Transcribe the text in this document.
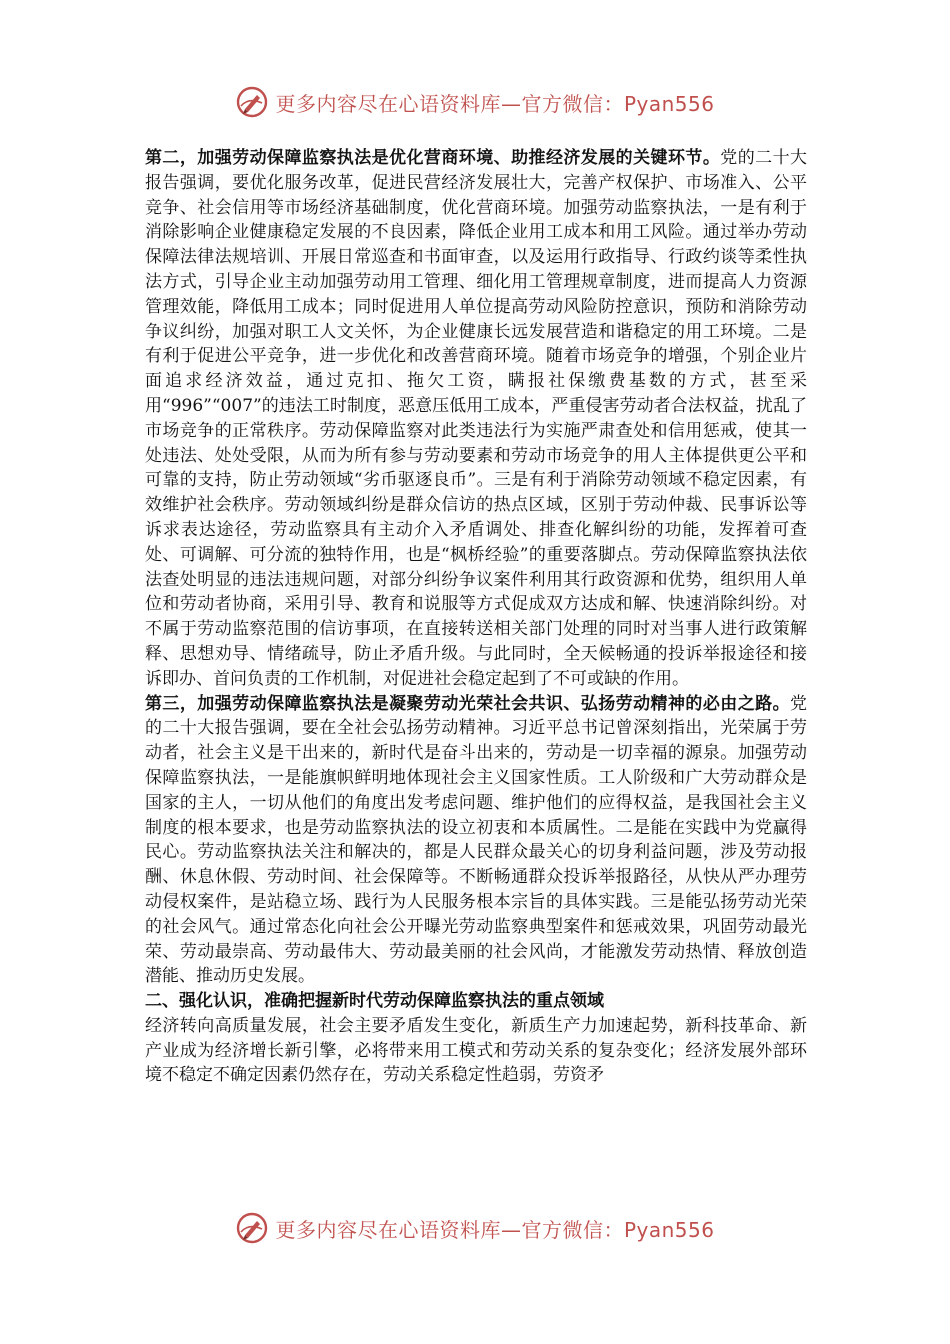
更多内容尽在心语资料库—官方微信：Pyan556

第二，加强劳动保障监察执法是优化营商环境、助推经济发展的关键环节。党的二十大报告强调，要优化服务改革，促进民营经济发展壮大，完善产权保护、市场准入、公平竞争、社会信用等市场经济基础制度，优化营商环境。加强劳动监察执法，一是有利于消除影响企业健康稳定发展的不良因素，降低企业用工成本和用工风险。通过举办劳动保障法律法规培训、开展日常巡查和书面审查，以及运用行政指导、行政约谈等柔性执法方式，引导企业主动加强劳动用工管理、细化用工管理规章制度，进而提高人力资源管理效能，降低用工成本；同时促进用人单位提高劳动风险防控意识，预防和消除劳动争议纠纷，加强对职工人文关怀，为企业健康长远发展营造和谐稳定的用工环境。二是有利于促进公平竞争，进一步优化和改善营商环境。随着市场竞争的增强，个别企业片面追求经济效益，通过克扣、拖欠工资，瞒报社保缴费基数的方式，甚至采用“996”“007”的违法工时制度，恶意压低用工成本，严重侵害劳动者合法权益，扰乱了市场竞争的正常秩序。劳动保障监察对此类违法行为实施严肃查处和信用惩戒，使其一处违法、处处受限，从而为所有参与劳动要素和劳动市场竞争的用人主体提供更公平和可靠的支持，防止劳动领域“劣币驱逐良币”。三是有利于消除劳动领域不稳定因素，有效维护社会秩序。劳动领域纠纷是群众信访的热点区域，区别于劳动仲裁、民事诉讼等诉求表达途径，劳动监察具有主动介入矛盾调处、排查化解纠纷的功能，发挥着可查处、可调解、可分流的独特作用，也是“枫桥经验”的重要落脚点。劳动保障监察执法依法查处明显的违法违规问题，对部分纠纷争议案件利用其行政资源和优势，组织用人单位和劳动者协商，采用引导、教育和说服等方式促成双方达成和解、快速消除纠纷。对不属于劳动监察范围的信访事项，在直接转送相关部门处理的同时对当事人进行政策解释、思想劝导、情绪疏导，防止矛盾升级。与此同时，全天候畅通的投诉举报途径和接诉即办、首问负责的工作机制，对促进社会稳定起到了不可或缺的作用。

第三，加强劳动保障监察执法是凝聚劳动光荣社会共识、弘扬劳动精神的必由之路。党的二十大报告强调，要在全社会弘扬劳动精神。习近平总书记曾深刻指出，光荣属于劳动者，社会主义是干出来的，新时代是奋斗出来的，劳动是一切幸福的源泉。加强劳动保障监察执法，一是能旗帜鲜明地体现社会主义国家性质。工人阶级和广大劳动群众是国家的主人，一切从他们的角度出发考虑问题、维护他们的应得权益，是我国社会主义制度的根本要求，也是劳动监察执法的设立初衷和本质属性。二是能在实践中为党赢得民心。劳动监察执法关注和解决的，都是人民群众最关心的切身利益问题，涉及劳动报酬、休息休假、劳动时间、社会保障等。不断畅通群众投诉举报路径，从快从严办理劳动侵权案件，是站稳立场、践行为人民服务根本宗旨的具体实践。三是能弘扬劳动光荣的社会风气。通过常态化向社会公开曝光劳动监察典型案件和惩戒效果，巩固劳动最光荣、劳动最崇高、劳动最伟大、劳动最美丽的社会风尚，才能激发劳动热情、释放创造潜能、推动历史发展。

二、强化认识，准确把握新时代劳动保障监察执法的重点领域

经济转向高质量发展，社会主要矛盾发生变化，新质生产力加速起势，新科技革命、新产业成为经济增长新引擎，必将带来用工模式和劳动关系的复杂变化；经济发展外部环境不稳定不确定因素仍然存在，劳动关系稳定性趋弱，劳资矛

更多内容尽在心语资料库—官方微信：Pyan556
